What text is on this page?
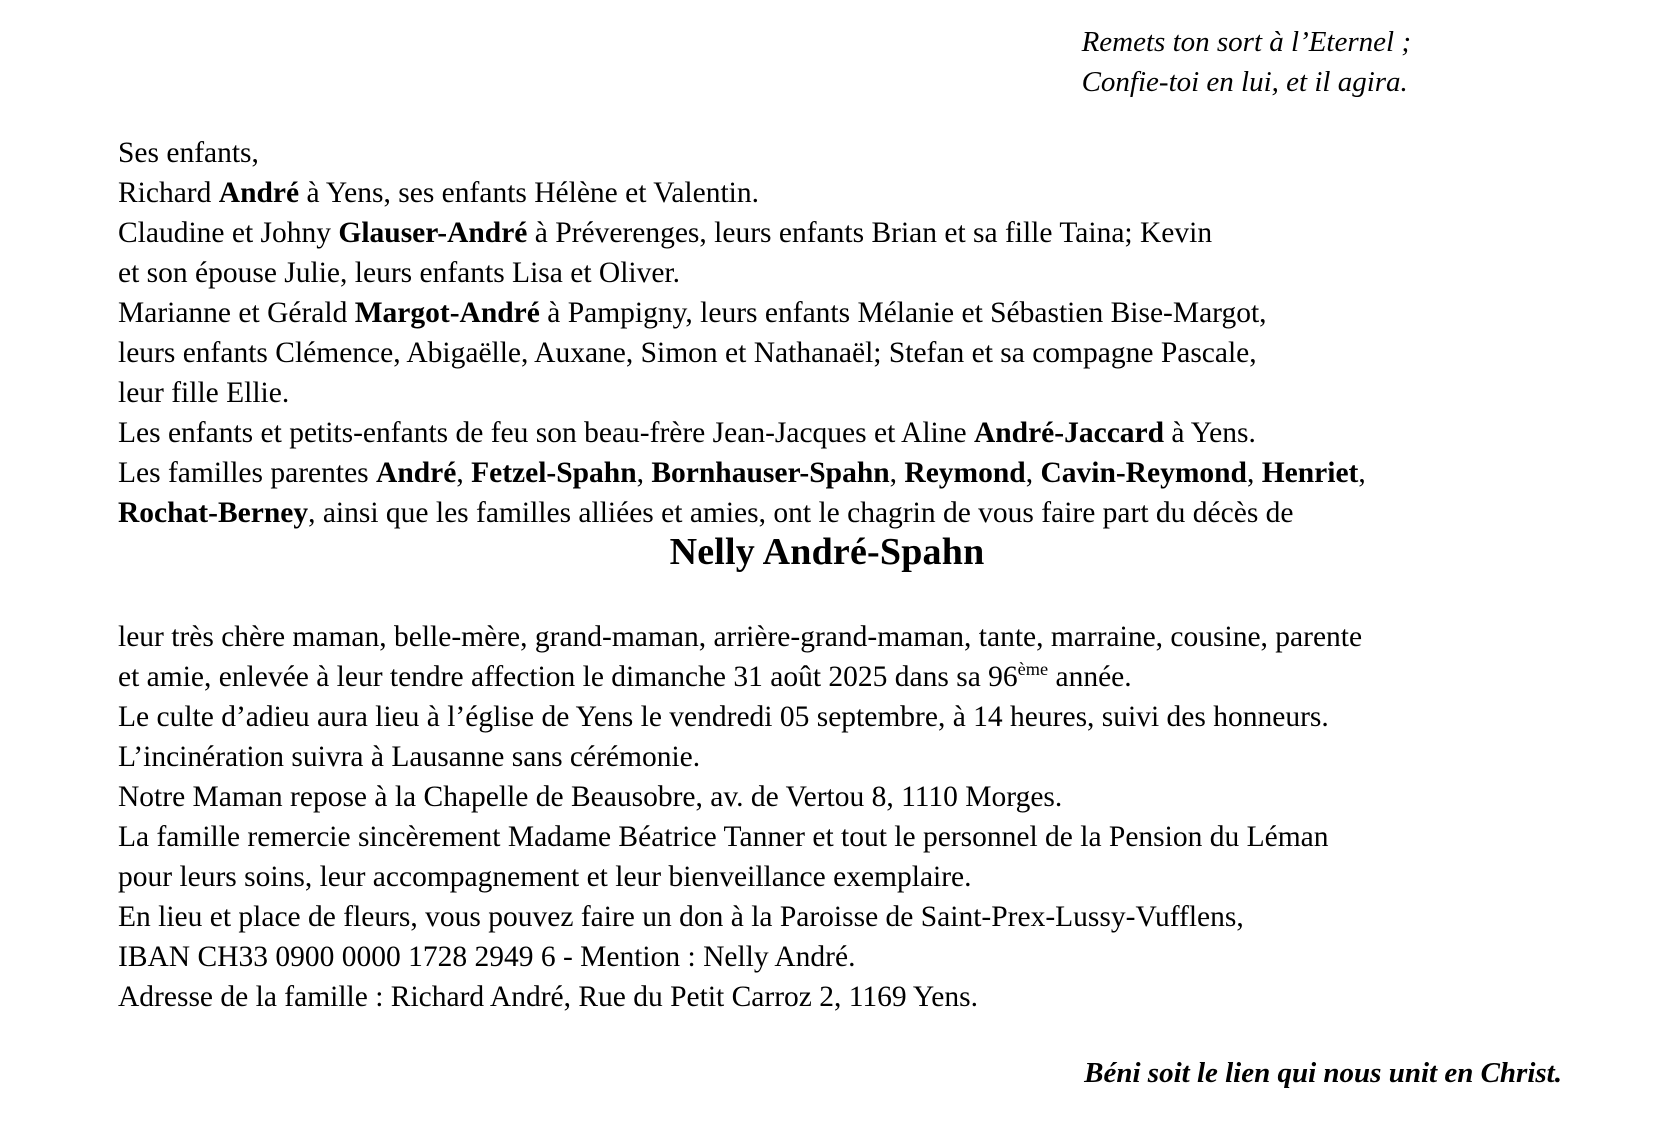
Remets ton sort à l’Eternel ;
Confie-toi en lui, et il agira.
Ses enfants,
Richard André à Yens, ses enfants Hélène et Valentin.
Claudine et Johny Glauser-André à Préverenges, leurs enfants Brian et sa fille Taina; Kevin
et son épouse Julie, leurs enfants Lisa et Oliver.
Marianne et Gérald Margot-André à Pampigny, leurs enfants Mélanie et Sébastien Bise-Margot,
leurs enfants Clémence, Abigaëlle, Auxane, Simon et Nathanaël; Stefan et sa compagne Pascale,
leur fille Ellie.
Les enfants et petits-enfants de feu son beau-frère Jean-Jacques et Aline André-Jaccard à Yens.
Les familles parentes André, Fetzel-Spahn, Bornhauser-Spahn, Reymond, Cavin-Reymond, Henriet,
Rochat-Berney, ainsi que les familles alliées et amies, ont le chagrin de vous faire part du décès de
Nelly André-Spahn
leur très chère maman, belle-mère, grand-maman, arrière-grand-maman, tante, marraine, cousine, parente
et amie, enlevée à leur tendre affection le dimanche 31 août 2025 dans sa 96ème année.
Le culte d’adieu aura lieu à l’église de Yens le vendredi 05 septembre, à 14 heures, suivi des honneurs.
L’incinération suivra à Lausanne sans cérémonie.
Notre Maman repose à la Chapelle de Beausobre, av. de Vertou 8, 1110 Morges.
La famille remercie sincèrement Madame Béatrice Tanner et tout le personnel de la Pension du Léman
pour leurs soins, leur accompagnement et leur bienveillance exemplaire.
En lieu et place de fleurs, vous pouvez faire un don à la Paroisse de Saint-Prex-Lussy-Vufflens,
IBAN CH33 0900 0000 1728 2949 6 - Mention : Nelly André.
Adresse de la famille : Richard André, Rue du Petit Carroz 2, 1169 Yens.
Béni soit le lien qui nous unit en Christ.
